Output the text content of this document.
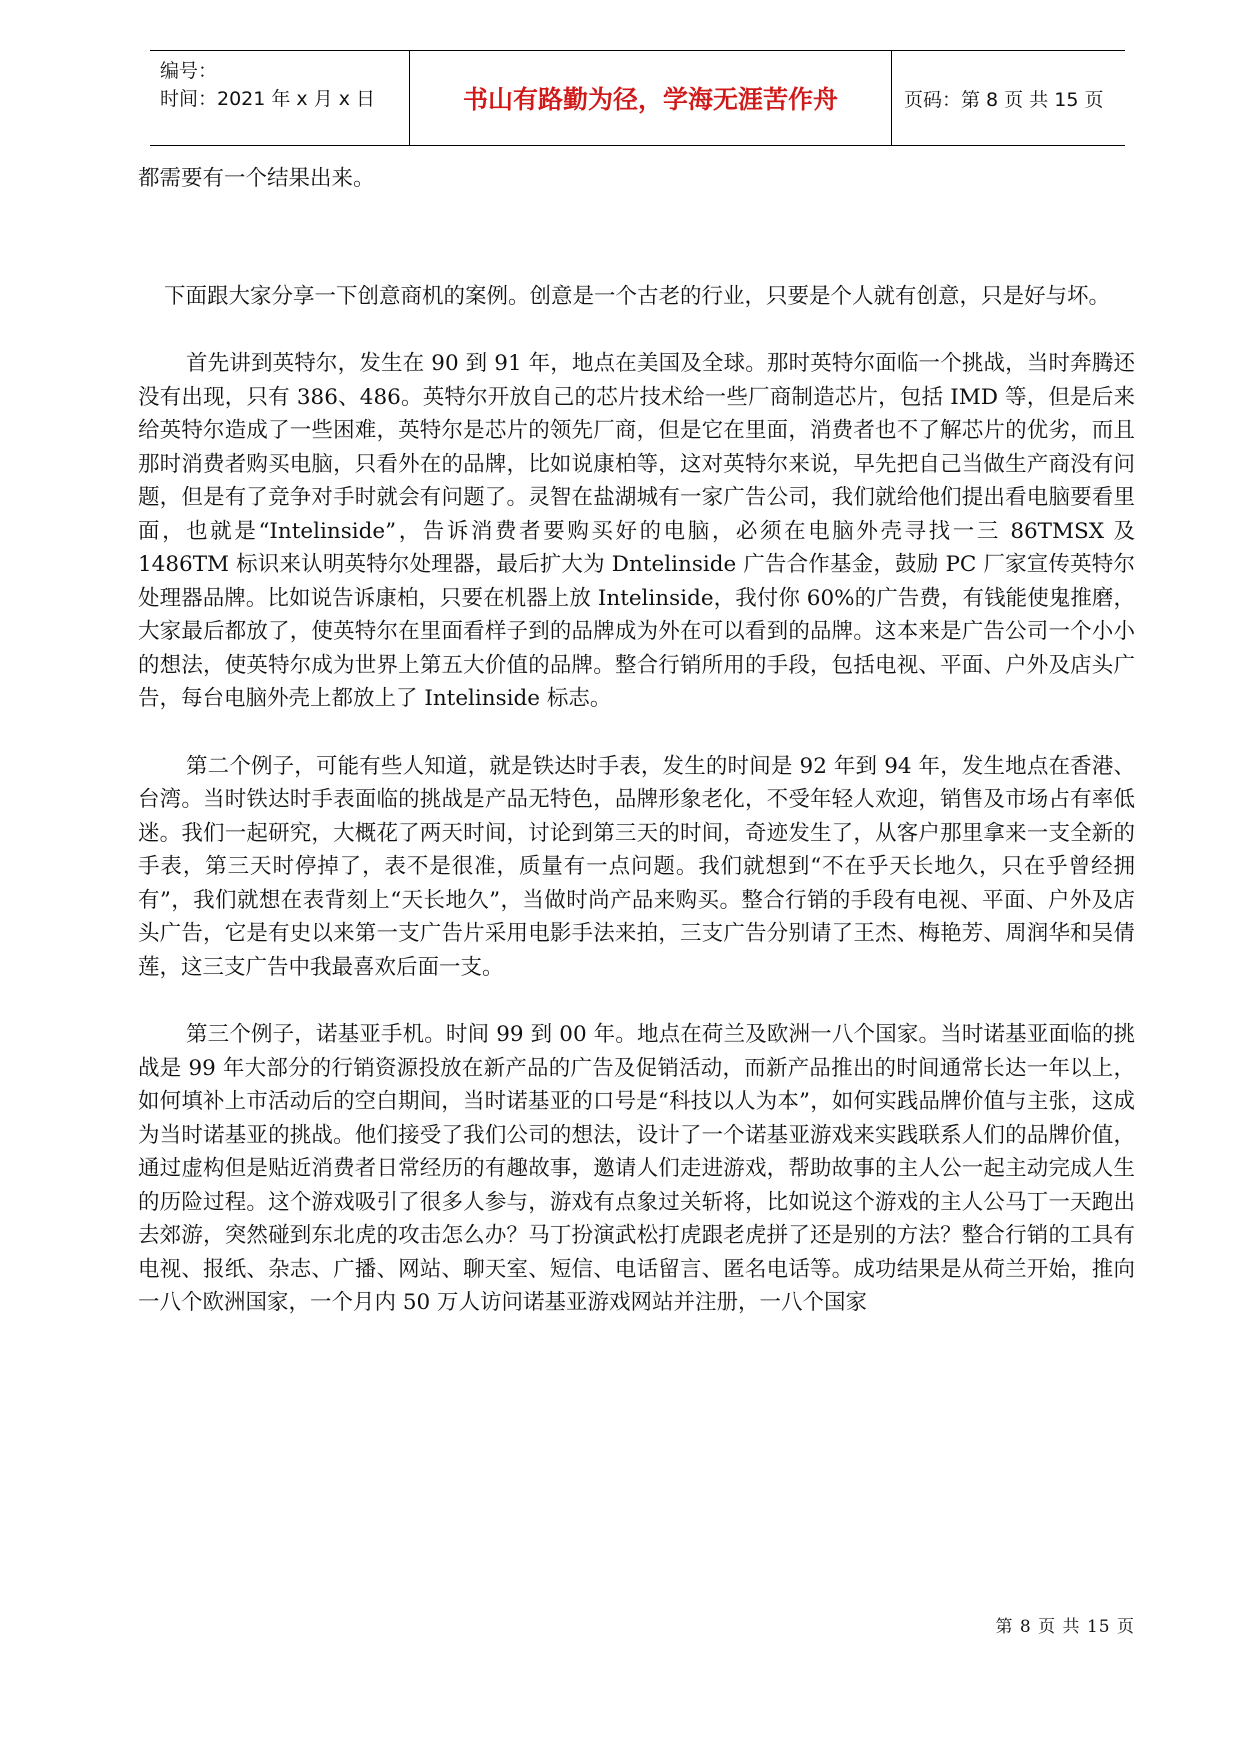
编号：
时间：2021 年 x 月 x 日	书山有路勤为径，学海无涯苦作舟	页码：第 8 页 共 15 页

都需要有一个结果出来。

下面跟大家分享一下创意商机的案例。创意是一个古老的行业，只要是个人就有创意，只是好与坏。

首先讲到英特尔，发生在 90 到 91 年，地点在美国及全球。那时英特尔面临一个挑战，当时奔腾还没有出现，只有 386、486。英特尔开放自己的芯片技术给一些厂商制造芯片，包括 IMD 等，但是后来给英特尔造成了一些困难，英特尔是芯片的领先厂商，但是它在里面，消费者也不了解芯片的优劣，而且那时消费者购买电脑，只看外在的品牌，比如说康柏等，这对英特尔来说，早先把自己当做生产商没有问题，但是有了竞争对手时就会有问题了。灵智在盐湖城有一家广告公司，我们就给他们提出看电脑要看里面，也就是“Intelinside”，告诉消费者要购买好的电脑，必须在电脑外壳寻找一三 86TMSX 及 1486TM 标识来认明英特尔处理器，最后扩大为 Dntelinside 广告合作基金，鼓励 PC 厂家宣传英特尔处理器品牌。比如说告诉康柏，只要在机器上放 Intelinside，我付你 60%的广告费，有钱能使鬼推磨，大家最后都放了，使英特尔在里面看样子到的品牌成为外在可以看到的品牌。这本来是广告公司一个小小的想法，使英特尔成为世界上第五大价值的品牌。整合行销所用的手段，包括电视、平面、户外及店头广告，每台电脑外壳上都放上了 Intelinside 标志。

第二个例子，可能有些人知道，就是铁达时手表，发生的时间是 92 年到 94 年，发生地点在香港、台湾。当时铁达时手表面临的挑战是产品无特色，品牌形象老化，不受年轻人欢迎，销售及市场占有率低迷。我们一起研究，大概花了两天时间，讨论到第三天的时间，奇迹发生了，从客户那里拿来一支全新的手表，第三天时停掉了，表不是很准，质量有一点问题。我们就想到“不在乎天长地久，只在乎曾经拥有”，我们就想在表背刻上“天长地久”，当做时尚产品来购买。整合行销的手段有电视、平面、户外及店头广告，它是有史以来第一支广告片采用电影手法来拍，三支广告分别请了王杰、梅艳芳、周润华和吴倩莲，这三支广告中我最喜欢后面一支。

第三个例子，诺基亚手机。时间 99 到 00 年。地点在荷兰及欧洲一八个国家。当时诺基亚面临的挑战是 99 年大部分的行销资源投放在新产品的广告及促销活动，而新产品推出的时间通常长达一年以上，如何填补上市活动后的空白期间，当时诺基亚的口号是“科技以人为本”，如何实践品牌价值与主张，这成为当时诺基亚的挑战。他们接受了我们公司的想法，设计了一个诺基亚游戏来实践联系人们的品牌价值，通过虚构但是贴近消费者日常经历的有趣故事，邀请人们走进游戏，帮助故事的主人公一起主动完成人生的历险过程。这个游戏吸引了很多人参与，游戏有点象过关斩将，比如说这个游戏的主人公马丁一天跑出去郊游，突然碰到东北虎的攻击怎么办？马丁扮演武松打虎跟老虎拼了还是别的方法？整合行销的工具有电视、报纸、杂志、广播、网站、聊天室、短信、电话留言、匿名电话等。成功结果是从荷兰开始，推向一八个欧洲国家，一个月内 50 万人访问诺基亚游戏网站并注册，一八个国家

第 8 页 共 15 页
